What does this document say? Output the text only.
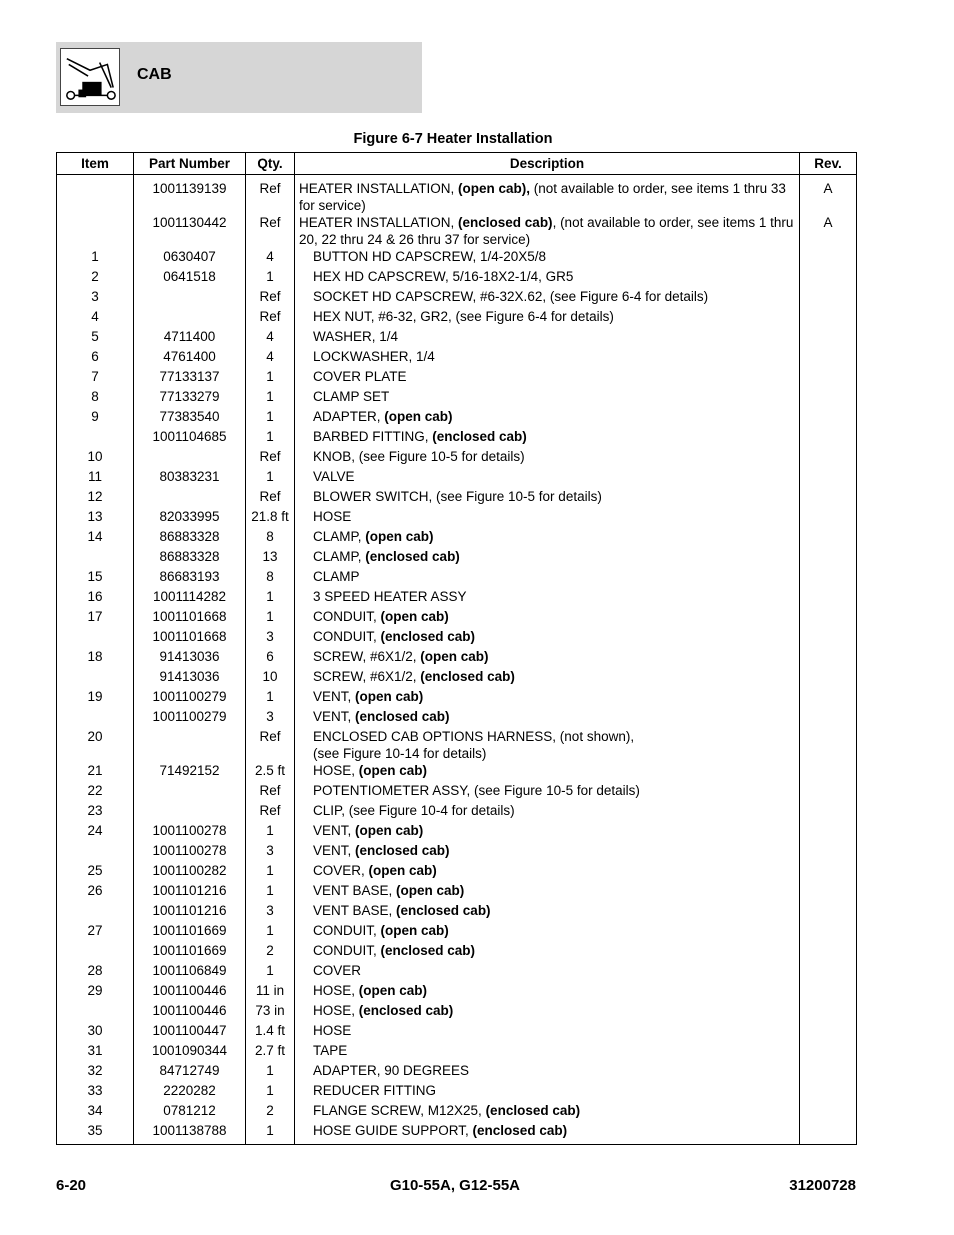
CAB
Figure 6-7 Heater Installation
Item	Part Number	Qty.	Description	Rev.
	1001139139	Ref	HEATER INSTALLATION, (open cab), (not available to order, see items 1 thru 33 for service)	A
	1001130442	Ref	HEATER INSTALLATION, (enclosed cab), (not available to order, see items 1 thru 20, 22 thru 24 & 26 thru 37 for service)	A
1	0630407	4	BUTTON HD CAPSCREW, 1/4-20X5/8	

2	0641518	1	HEX HD CAPSCREW, 5/16-18X2-1/4, GR5	

3		Ref	SOCKET HD CAPSCREW, #6-32X.62, (see Figure 6-4 for details)	

4		Ref	HEX NUT, #6-32, GR2, (see Figure 6-4 for details)	

5	4711400	4	WASHER, 1/4	

6	4761400	4	LOCKWASHER, 1/4	

7	77133137	1	COVER PLATE	

8	77133279	1	CLAMP SET	

9	77383540	1	ADAPTER, (open cab)	

	1001104685	1	BARBED FITTING, (enclosed cab)	

10		Ref	KNOB, (see Figure 10-5 for details)	

11	80383231	1	VALVE	

12		Ref	BLOWER SWITCH, (see Figure 10-5 for details)	

13	82033995	21.8 ft	HOSE	

14	86883328	8	CLAMP, (open cab)	

	86883328	13	CLAMP, (enclosed cab)	

15	86683193	8	CLAMP	

16	1001114282	1	3 SPEED HEATER ASSY	

17	1001101668	1	CONDUIT, (open cab)	

	1001101668	3	CONDUIT, (enclosed cab)	

18	91413036	6	SCREW, #6X1/2, (open cab)	

	91413036	10	SCREW, #6X1/2, (enclosed cab)	

19	1001100279	1	VENT, (open cab)	

	1001100279	3	VENT, (enclosed cab)	

20		Ref	ENCLOSED CAB OPTIONS HARNESS, (not shown),
(see Figure 10-14 for details)	

21	71492152	2.5 ft	HOSE, (open cab)	

22		Ref	POTENTIOMETER ASSY, (see Figure 10-5 for details)	

23		Ref	CLIP, (see Figure 10-4 for details)	

24	1001100278	1	VENT, (open cab)	

	1001100278	3	VENT, (enclosed cab)	

25	1001100282	1	COVER, (open cab)	

26	1001101216	1	VENT BASE, (open cab)	

	1001101216	3	VENT BASE, (enclosed cab)	

27	1001101669	1	CONDUIT, (open cab)	

	1001101669	2	CONDUIT, (enclosed cab)	

28	1001106849	1	COVER	

29	1001100446	11 in	HOSE, (open cab)	

	1001100446	73 in	HOSE, (enclosed cab)	

30	1001100447	1.4 ft	HOSE	

31	1001090344	2.7 ft	TAPE	

32	84712749	1	ADAPTER, 90 DEGREES	

33	2220282	1	REDUCER FITTING	

34	0781212	2	FLANGE SCREW, M12X25, (enclosed cab)	

35	1001138788	1	HOSE GUIDE SUPPORT, (enclosed cab)	

6-20	G10-55A, G12-55A	31200728
